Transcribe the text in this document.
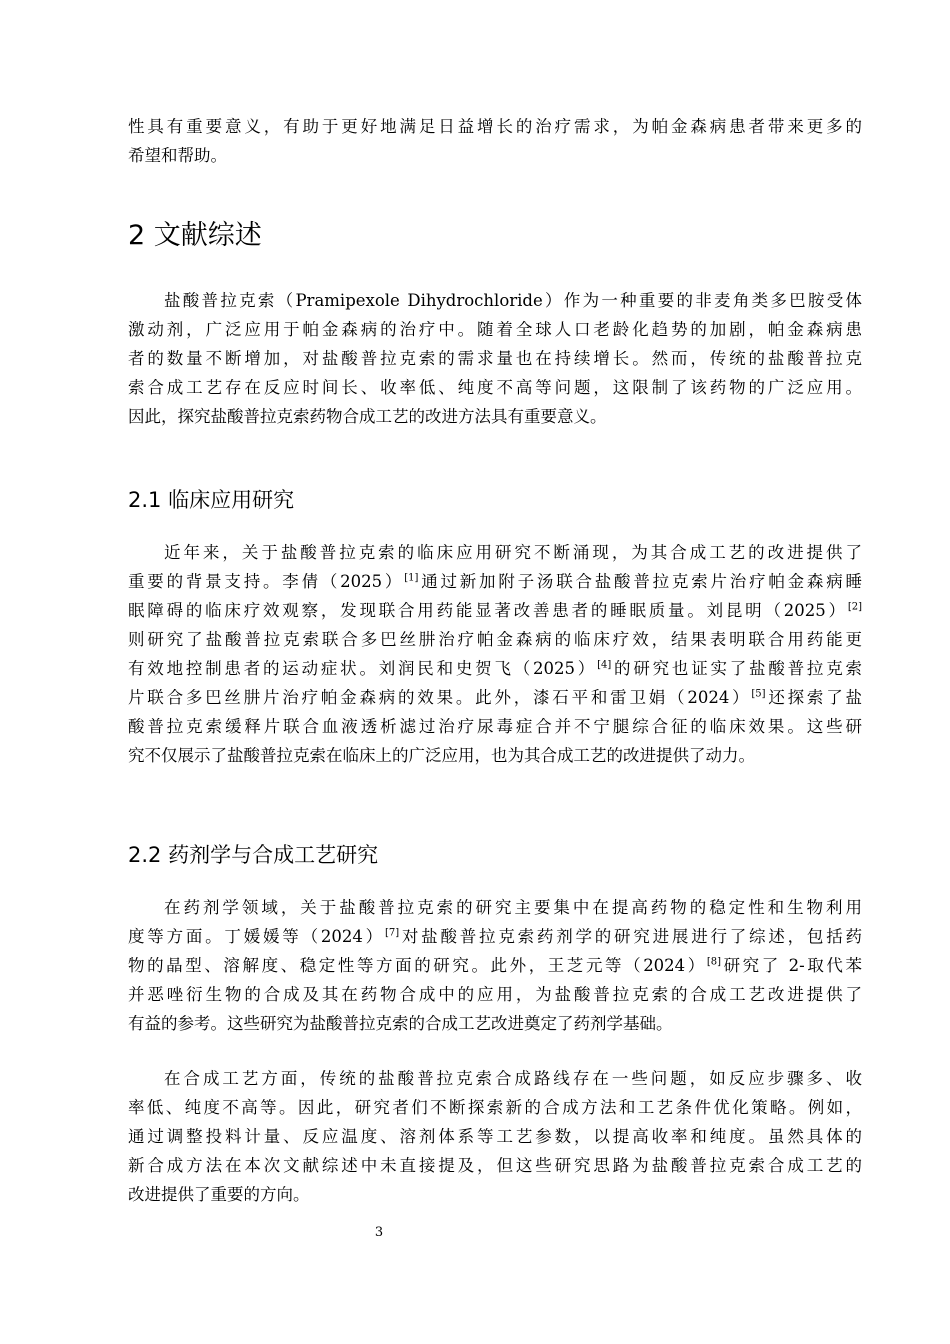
性具有重要意义，有助于更好地满足日益增长的治疗需求，为帕金森病患者带来更多的
希望和帮助。
2 文献综述
盐酸普拉克索（Pramipexole Dihydrochloride）作为一种重要的非麦角类多巴胺受体
激动剂，广泛应用于帕金森病的治疗中。随着全球人口老龄化趋势的加剧，帕金森病患
者的数量不断增加，对盐酸普拉克索的需求量也在持续增长。然而，传统的盐酸普拉克
索合成工艺存在反应时间长、收率低、纯度不高等问题，这限制了该药物的广泛应用。
因此，探究盐酸普拉克索药物合成工艺的改进方法具有重要意义。
2.1 临床应用研究
近年来，关于盐酸普拉克索的临床应用研究不断涌现，为其合成工艺的改进提供了
重要的背景支持。李倩（2025）[1]通过新加附子汤联合盐酸普拉克索片治疗帕金森病睡
眠障碍的临床疗效观察，发现联合用药能显著改善患者的睡眠质量。刘昆明（2025）[2]
则研究了盐酸普拉克索联合多巴丝肼治疗帕金森病的临床疗效，结果表明联合用药能更
有效地控制患者的运动症状。刘润民和史贺飞（2025）[4]的研究也证实了盐酸普拉克索
片联合多巴丝肼片治疗帕金森病的效果。此外，漆石平和雷卫娟（2024）[5]还探索了盐
酸普拉克索缓释片联合血液透析滤过治疗尿毒症合并不宁腿综合征的临床效果。这些研
究不仅展示了盐酸普拉克索在临床上的广泛应用，也为其合成工艺的改进提供了动力。
2.2 药剂学与合成工艺研究
在药剂学领域，关于盐酸普拉克索的研究主要集中在提高药物的稳定性和生物利用
度等方面。丁媛媛等（2024）[7]对盐酸普拉克索药剂学的研究进展进行了综述，包括药
物的晶型、溶解度、稳定性等方面的研究。此外，王芝元等（2024）[8]研究了 2-取代苯
并恶唑衍生物的合成及其在药物合成中的应用，为盐酸普拉克索的合成工艺改进提供了
有益的参考。这些研究为盐酸普拉克索的合成工艺改进奠定了药剂学基础。
在合成工艺方面，传统的盐酸普拉克索合成路线存在一些问题，如反应步骤多、收
率低、纯度不高等。因此，研究者们不断探索新的合成方法和工艺条件优化策略。例如，
通过调整投料计量、反应温度、溶剂体系等工艺参数，以提高收率和纯度。虽然具体的
新合成方法在本次文献综述中未直接提及，但这些研究思路为盐酸普拉克索合成工艺的
改进提供了重要的方向。
3
